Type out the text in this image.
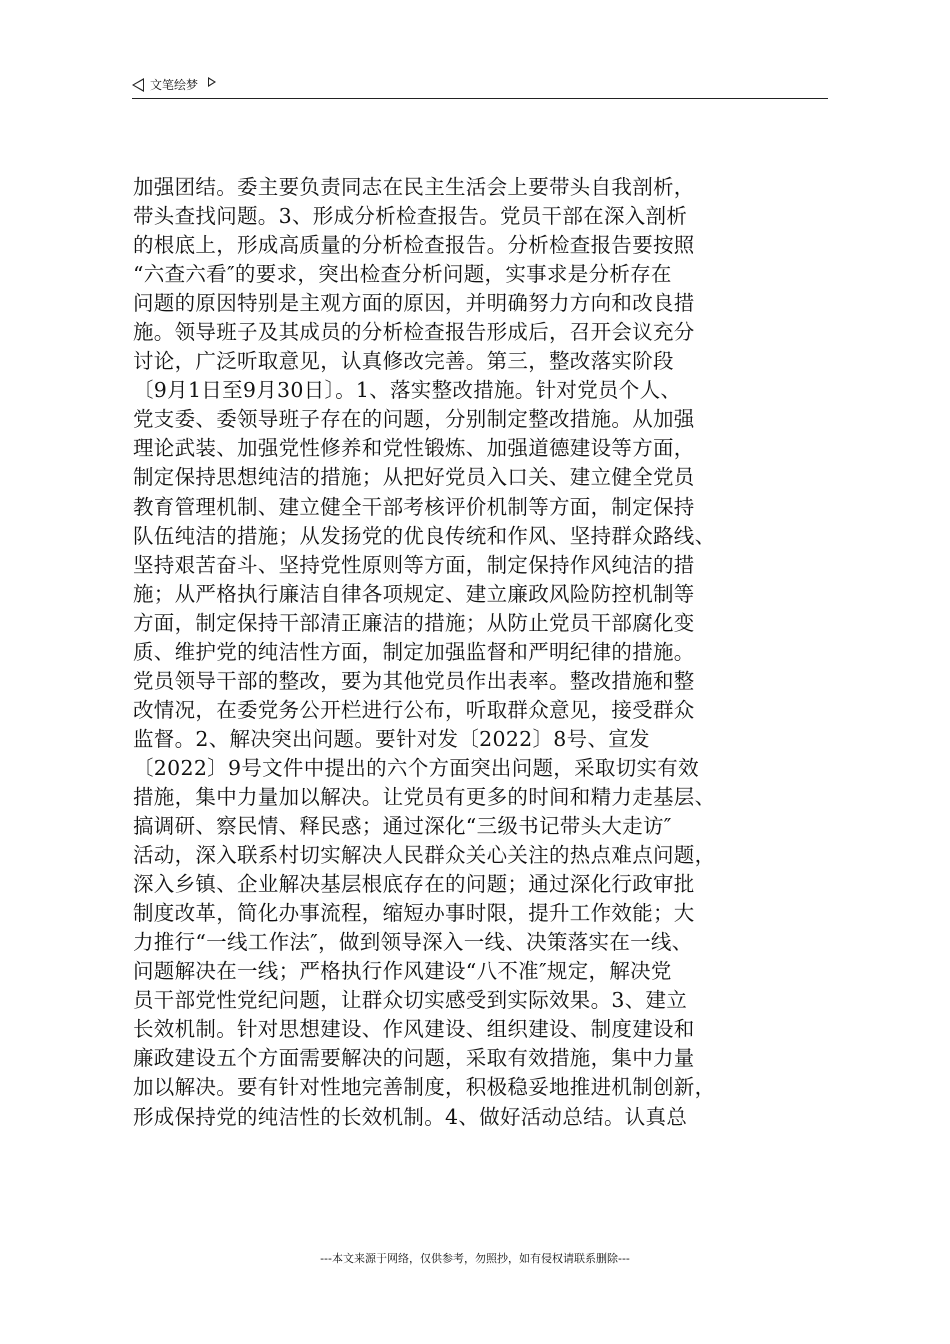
文笔绘梦
加强团结。委主要负责同志在民主生活会上要带头自我剖析，
带头查找问题。3、形成分析检查报告。党员干部在深入剖析
的根底上，形成高质量的分析检查报告。分析检查报告要按照
“六查六看″的要求，突出检查分析问题，实事求是分析存在
问题的原因特别是主观方面的原因，并明确努力方向和改良措
施。领导班子及其成员的分析检查报告形成后，召开会议充分
讨论，广泛听取意见，认真修改完善。第三，整改落实阶段
〔9月1日至9月30日〕。1、落实整改措施。针对党员个人、
党支委、委领导班子存在的问题，分别制定整改措施。从加强
理论武装、加强党性修养和党性锻炼、加强道德建设等方面，
制定保持思想纯洁的措施；从把好党员入口关、建立健全党员
教育管理机制、建立健全干部考核评价机制等方面，制定保持
队伍纯洁的措施；从发扬党的优良传统和作风、坚持群众路线、
坚持艰苦奋斗、坚持党性原则等方面，制定保持作风纯洁的措
施；从严格执行廉洁自律各项规定、建立廉政风险防控机制等
方面，制定保持干部清正廉洁的措施；从防止党员干部腐化变
质、维护党的纯洁性方面，制定加强监督和严明纪律的措施。
党员领导干部的整改，要为其他党员作出表率。整改措施和整
改情况，在委党务公开栏进行公布，听取群众意见，接受群众
监督。2、解决突出问题。要针对发〔2022〕8号、宣发
〔2022〕9号文件中提出的六个方面突出问题，采取切实有效
措施，集中力量加以解决。让党员有更多的时间和精力走基层、
搞调研、察民情、释民惑；通过深化“三级书记带头大走访″
活动，深入联系村切实解决人民群众关心关注的热点难点问题，
深入乡镇、企业解决基层根底存在的问题；通过深化行政审批
制度改革，简化办事流程，缩短办事时限，提升工作效能；大
力推行“一线工作法″，做到领导深入一线、决策落实在一线、
问题解决在一线；严格执行作风建设“八不准″规定，解决党
员干部党性党纪问题，让群众切实感受到实际效果。3、建立
长效机制。针对思想建设、作风建设、组织建设、制度建设和
廉政建设五个方面需要解决的问题，采取有效措施，集中力量
加以解决。要有针对性地完善制度，积极稳妥地推进机制创新，
形成保持党的纯洁性的长效机制。4、做好活动总结。认真总
---本文来源于网络，仅供参考，勿照抄，如有侵权请联系删除---
